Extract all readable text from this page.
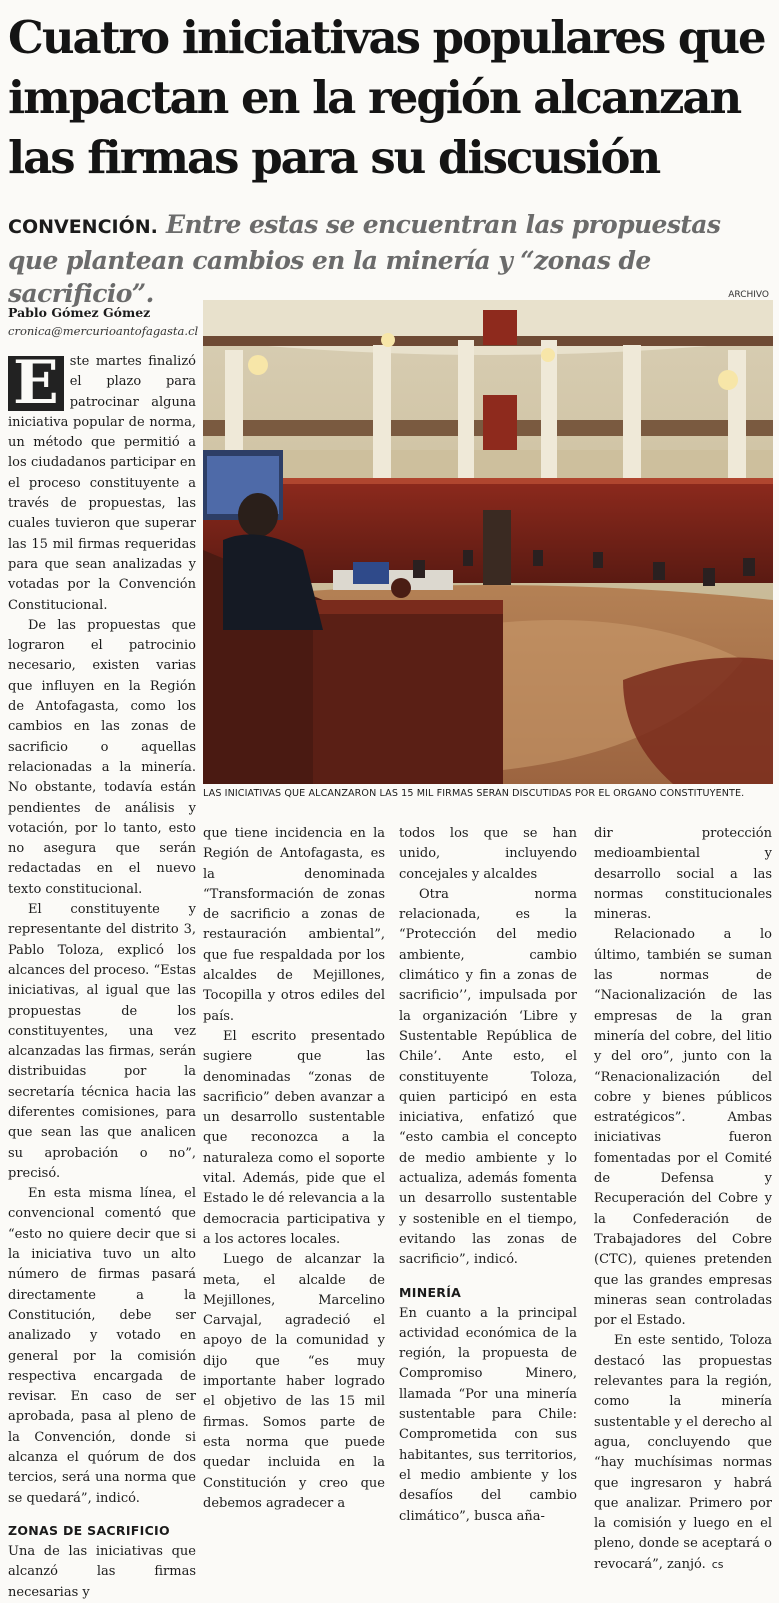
Cuatro iniciativas populares que impactan en la región alcanzan las firmas para su discusión
CONVENCIÓN. Entre estas se encuentran las propuestas que plantean cambios en la minería y “zonas de sacrificio”.
Pablo Gómez Gómez
cronica@mercurioantofagasta.cl
ARCHIVO
LAS INICIATIVAS QUE ALCANZARON LAS 15 MIL FIRMAS SERÁN DISCUTIDAS POR EL ÓRGANO CONSTITUYENTE.

E ste martes finalizó el plazo para patrocinar alguna iniciativa popular de norma, un método que permitió a los ciudadanos participar en el proceso constituyente a través de propuestas, las cuales tuvieron que superar las 15 mil firmas requeridas para que sean analizadas y votadas por la Convención Constitucional.

De las propuestas que lograron el patrocinio necesario, existen varias que influyen en la Región de Antofagasta, como los cambios en las zonas de sacrificio o aquellas relacionadas a la minería. No obstante, todavía están pendientes de análisis y votación, por lo tanto, esto no asegura que serán redactadas en el nuevo texto constitucional.

El constituyente y representante del distrito 3, Pablo Toloza, explicó los alcances del proceso. “Estas iniciativas, al igual que las propuestas de los constituyentes, una vez alcanzadas las firmas, serán distribuidas por la secretaría técnica hacia las diferentes comisiones, para que sean las que analicen su aprobación o no”, precisó.

En esta misma línea, el convencional comentó que “esto no quiere decir que si la iniciativa tuvo un alto número de firmas pasará directamente a la Constitución, debe ser analizado y votado en general por la comisión respectiva encargada de revisar. En caso de ser aprobada, pasa al pleno de la Convención, donde si alcanza el quórum de dos tercios, será una norma que se quedará”, indicó.

ZONAS DE SACRIFICIO

Una de las iniciativas que alcanzó las firmas necesarias y

que tiene incidencia en la Región de Antofagasta, es la denominada “Transformación de zonas de sacrificio a zonas de restauración ambiental”, que fue respaldada por los alcaldes de Mejillones, Tocopilla y otros ediles del país.

El escrito presentado sugiere que las denominadas “zonas de sacrificio” deben avanzar a un desarrollo sustentable que reconozca a la naturaleza como el soporte vital. Además, pide que el Estado le dé relevancia a la democracia participativa y a los actores locales.

Luego de alcanzar la meta, el alcalde de Mejillones, Marcelino Carvajal, agradeció el apoyo de la comunidad y dijo que “es muy importante haber logrado el objetivo de las 15 mil firmas. Somos parte de esta norma que puede quedar incluida en la Constitución y creo que debemos agradecer a

todos los que se han unido, incluyendo concejales y alcaldes

Otra norma relacionada, es la “Protección del medio ambiente, cambio climático y fin a zonas de sacrificio’’, impulsada por la organización ‘Libre y Sustentable República de Chile’. Ante esto, el constituyente Toloza, quien participó en esta iniciativa, enfatizó que “esto cambia el concepto de medio ambiente y lo actualiza, además fomenta un desarrollo sustentable y sostenible en el tiempo, evitando las zonas de sacrificio”, indicó.

MINERÍA

En cuanto a la principal actividad económica de la región, la propuesta de Compromiso Minero, llamada “Por una minería sustentable para Chile: Comprometida con sus habitantes, sus territorios, el medio ambiente y los desafíos del cambio climático”, busca aña-

dir protección medioambiental y desarrollo social a las normas constitucionales mineras.

Relacionado a lo último, también se suman las normas de “Nacionalización de las empresas de la gran minería del cobre, del litio y del oro”, junto con la “Renacionalización del cobre y bienes públicos estratégicos”. Ambas iniciativas fueron fomentadas por el Comité de Defensa y Recuperación del Cobre y la Confederación de Trabajadores del Cobre (CTC), quienes pretenden que las grandes empresas mineras sean controladas por el Estado.

En este sentido, Toloza destacó las propuestas relevantes para la región, como la minería sustentable y el derecho al agua, concluyendo que “hay muchísimas normas que ingresaron y habrá que analizar. Primero por la comisión y luego en el pleno, donde se aceptará o revocará”, zanjó. cs
